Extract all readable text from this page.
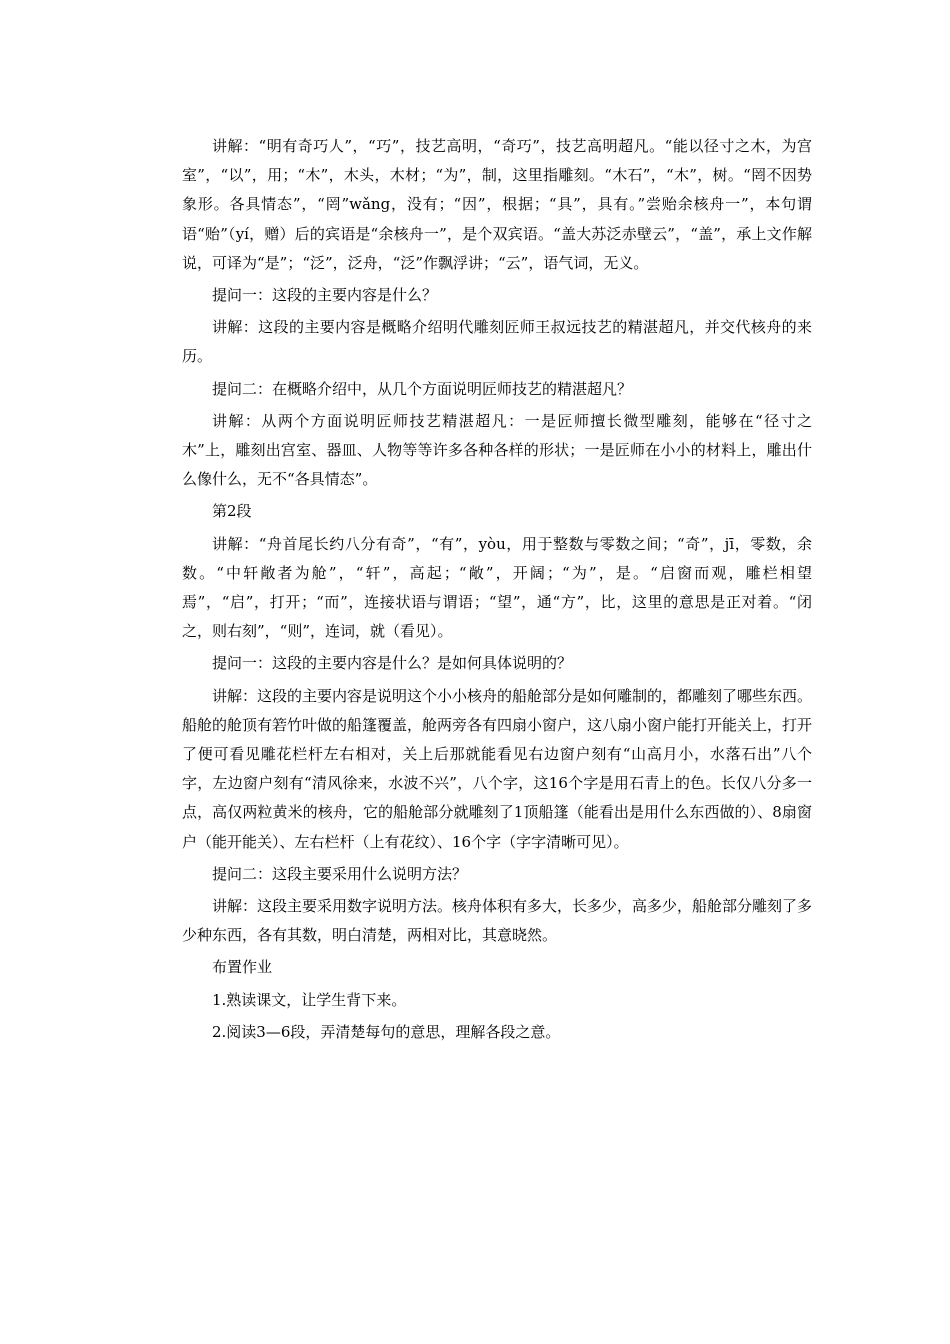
讲解：“明有奇巧人”，“巧”，技艺高明，“奇巧”，技艺高明超凡。“能以径寸之木，为宫室”，“以”，用；“木”，木头，木材；“为”，制，这里指雕刻。“木石”，“木”，树。“罔不因势象形。各具情态”，“罔”wǎng，没有；“因”，根据；“具”，具有。”尝贻余核舟一”，本句谓语“贻”（yí，赠）后的宾语是“余核舟一”，是个双宾语。“盖大苏泛赤壁云”，“盖”，承上文作解说，可译为“是”；“泛”，泛舟，“泛”作飘浮讲；“云”，语气词，无义。

提问一：这段的主要内容是什么？

讲解：这段的主要内容是概略介绍明代雕刻匠师王叔远技艺的精湛超凡，并交代核舟的来历。

提问二：在概略介绍中，从几个方面说明匠师技艺的精湛超凡？

讲解：从两个方面说明匠师技艺精湛超凡：一是匠师擅长微型雕刻，能够在“径寸之木”上，雕刻出宫室、器皿、人物等等许多各种各样的形状；一是匠师在小小的材料上，雕出什么像什么，无不“各具情态”。

第2段

讲解：“舟首尾长约八分有奇”，“有”，yòu，用于整数与零数之间；“奇”，jī，零数，余数。“中轩敞者为舱”，“轩”，高起；“敞”，开阔；“为”，是。“启窗而观，雕栏相望焉”，“启”，打开；“而”，连接状语与谓语；“望”，通“方”，比，这里的意思是正对着。“闭之，则右刻”，“则”，连词，就（看见）。

提问一：这段的主要内容是什么？是如何具体说明的？

讲解：这段的主要内容是说明这个小小核舟的船舱部分是如何雕制的，都雕刻了哪些东西。船舱的舱顶有箬竹叶做的船篷覆盖，舱两旁各有四扇小窗户，这八扇小窗户能打开能关上，打开了便可看见雕花栏杆左右相对，关上后那就能看见右边窗户刻有“山高月小，水落石出”八个字，左边窗户刻有“清风徐来，水波不兴”，八个字，这16个字是用石青上的色。长仅八分多一点，高仅两粒黄米的核舟，它的船舱部分就雕刻了1顶船篷（能看出是用什么东西做的）、8扇窗户（能开能关）、左右栏杆（上有花纹）、16个字（字字清晰可见）。

提问二：这段主要采用什么说明方法？

讲解：这段主要采用数字说明方法。核舟体积有多大，长多少，高多少，船舱部分雕刻了多少种东西，各有其数，明白清楚，两相对比，其意晓然。

布置作业

1.熟读课文，让学生背下来。

2.阅读3—6段，弄清楚每句的意思，理解各段之意。
